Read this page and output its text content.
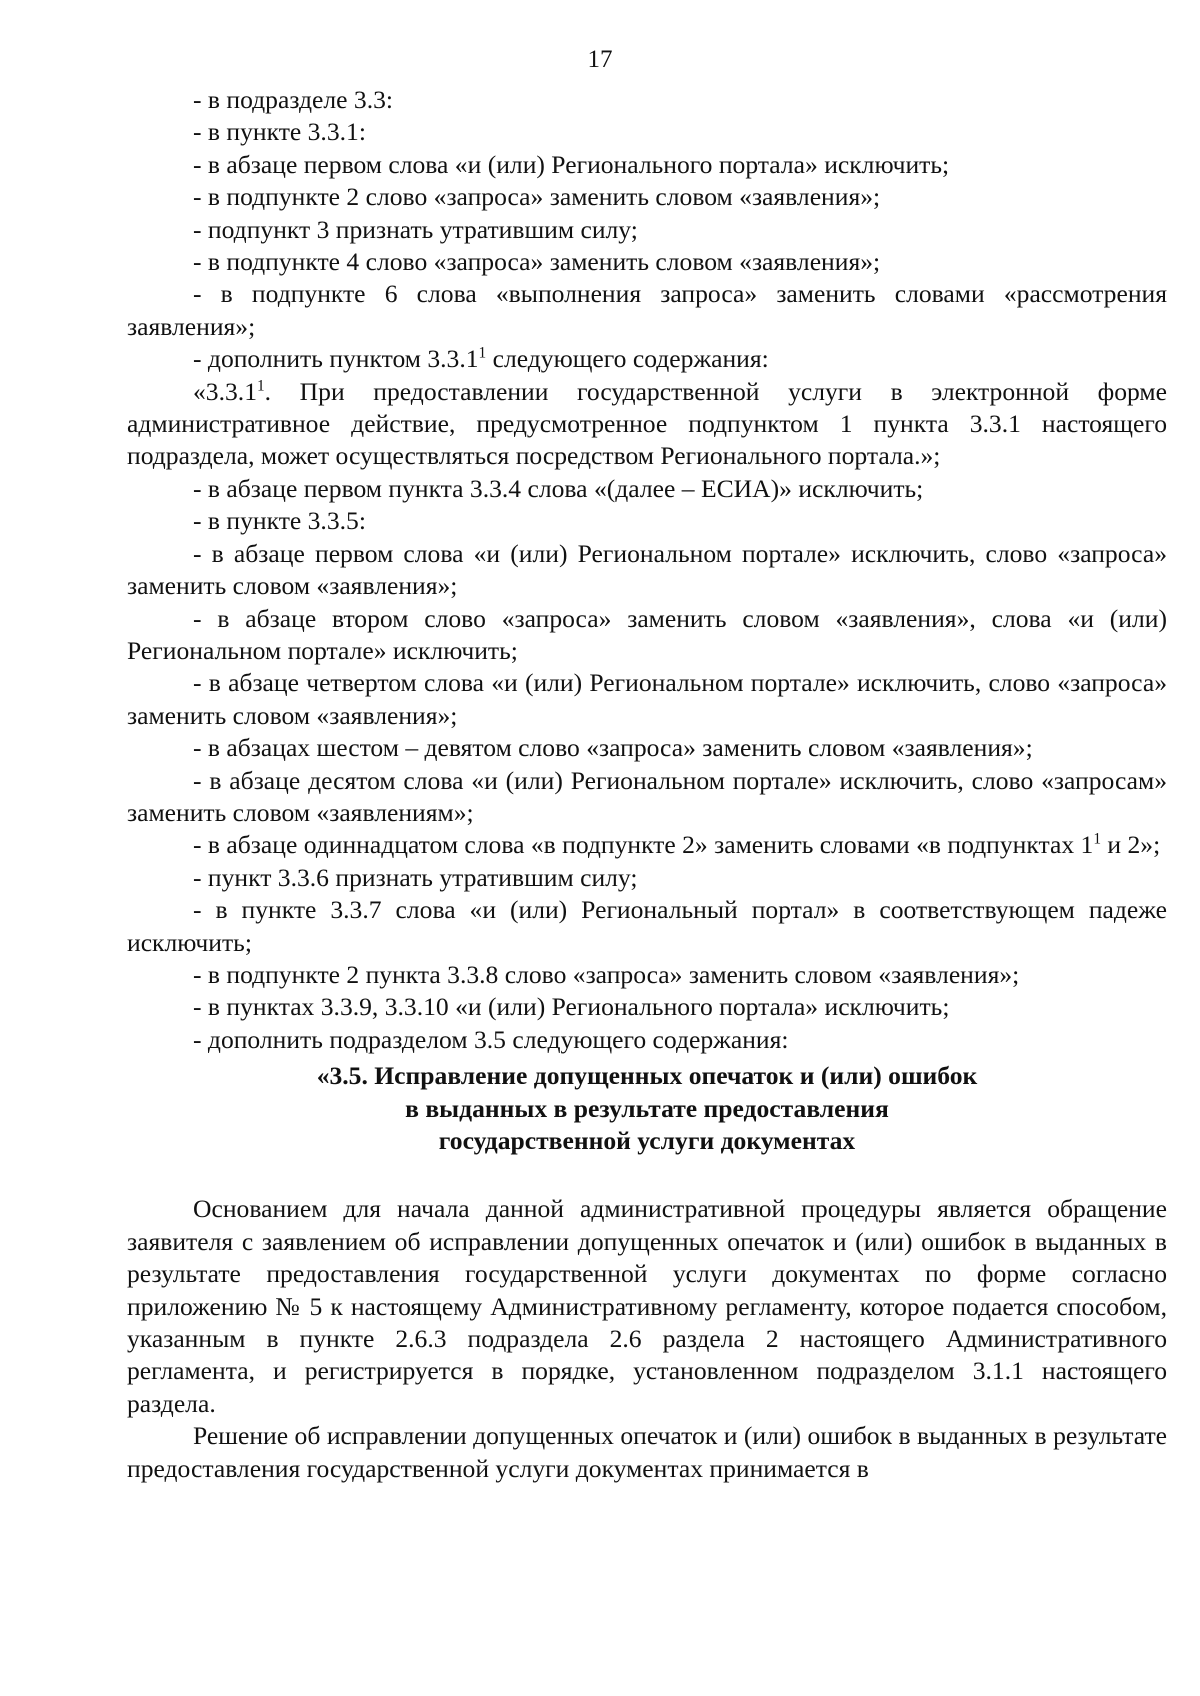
17

- в подразделе 3.3:

- в пункте 3.3.1:

- в абзаце первом слова «и (или) Регионального портала» исключить;

- в подпункте 2 слово «запроса» заменить словом «заявления»;

- подпункт 3 признать утратившим силу;

- в подпункте 4 слово «запроса» заменить словом «заявления»;

- в подпункте 6 слова «выполнения запроса» заменить словами «рассмотрения заявления»;

- дополнить пунктом 3.3.1$^1$ следующего содержания:

«3.3.1$^1$. При предоставлении государственной услуги в электронной форме административное действие, предусмотренное подпунктом 1 пункта 3.3.1 настоящего подраздела, может осуществляться посредством Регионального портала.»;

- в абзаце первом пункта 3.3.4 слова «(далее – ЕСИА)» исключить;

- в пункте 3.3.5:

- в абзаце первом слова «и (или) Региональном портале» исключить, слово «запроса» заменить словом «заявления»;

- в абзаце втором слово «запроса» заменить словом «заявления», слова «и (или) Региональном портале» исключить;

- в абзаце четвертом слова «и (или) Региональном портале» исключить, слово «запроса» заменить словом «заявления»;

- в абзацах шестом – девятом слово «запроса» заменить словом «заявления»;

- в абзаце десятом слова «и (или) Региональном портале» исключить, слово «запросам» заменить словом «заявлениям»;

- в абзаце одиннадцатом слова «в подпункте 2» заменить словами «в подпунктах $1^1$ и 2»;

- пункт 3.3.6 признать утратившим силу;

- в пункте 3.3.7 слова «и (или) Региональный портал» в соответствующем падеже исключить;

- в подпункте 2 пункта 3.3.8 слово «запроса» заменить словом «заявления»;

- в пунктах 3.3.9, 3.3.10 «и (или) Регионального портала» исключить;

- дополнить подразделом 3.5 следующего содержания:

«3.5. Исправление допущенных опечаток и (или) ошибок
в выданных в результате предоставления
государственной услуги документах

Основанием для начала данной административной процедуры является обращение заявителя с заявлением об исправлении допущенных опечаток и (или) ошибок в выданных в результате предоставления государственной услуги документах по форме согласно приложению № 5 к настоящему Административному регламенту, которое подается способом, указанным в пункте 2.6.3 подраздела 2.6 раздела 2 настоящего Административного регламента, и регистрируется в порядке, установленном подразделом 3.1.1 настоящего раздела.

Решение об исправлении допущенных опечаток и (или) ошибок в выданных в результате предоставления государственной услуги документах принимается в
